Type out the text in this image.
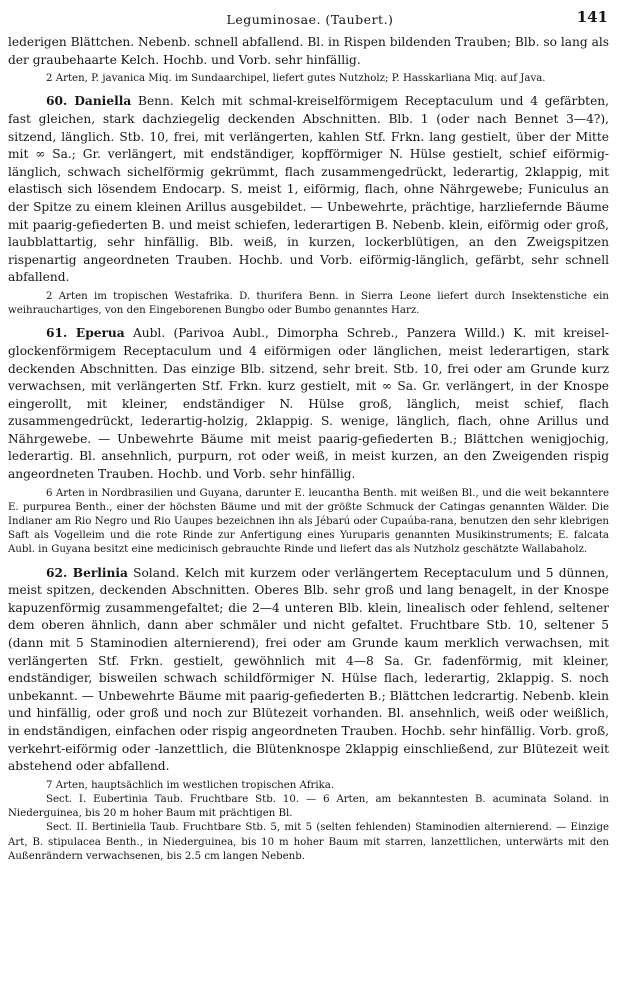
Leguminosae. (Taubert.)	141

lederigen Blättchen. Nebenb. schnell abfallend. Bl. in Rispen bildenden Trauben; Blb. so lang als der graubehaarte Kelch. Hochb. und Vorb. sehr hinfällig.

2 Arten, P. javanica Miq. im Sundaarchipel, liefert gutes Nutzholz; P. Hasskarliana Miq. auf Java.

60. Daniella Benn. Kelch mit schmal-kreiselförmigem Receptaculum und 4 gefärbten, fast gleichen, stark dachziegelig deckenden Abschnitten. Blb. 1 (oder nach Bennet 3—4?), sitzend, länglich. Stb. 10, frei, mit verlängerten, kahlen Stf. Frkn. lang gestielt, über der Mitte mit ∞ Sa.; Gr. verlängert, mit endständiger, kopfförmiger N. Hülse gestielt, schief eiförmig-länglich, schwach sichelförmig gekrümmt, flach zusammengedrückt, lederartig, 2klappig, mit elastisch sich lösendem Endocarp. S. meist 1, eiförmig, flach, ohne Nährgewebe; Funiculus an der Spitze zu einem kleinen Arillus ausgebildet. — Unbewehrte, prächtige, harzliefernde Bäume mit paarig-gefiederten B. und meist schiefen, lederartigen B. Nebenb. klein, eiförmig oder groß, laubblattartig, sehr hinfällig. Blb. weiß, in kurzen, lockerblütigen, an den Zweigspitzen rispenartig angeordneten Trauben. Hochb. und Vorb. eiförmig-länglich, gefärbt, sehr schnell abfallend.

2 Arten im tropischen Westafrika. D. thurifera Benn. in Sierra Leone liefert durch Insektenstiche ein weihrauchartiges, von den Eingeborenen Bungbo oder Bumbo genanntes Harz.

61. Eperua Aubl. (Parivoa Aubl., Dimorpha Schreb., Panzera Willd.) K. mit kreisel-glockenförmigem Receptaculum und 4 eiförmigen oder länglichen, meist lederartigen, stark deckenden Abschnitten. Das einzige Blb. sitzend, sehr breit. Stb. 10, frei oder am Grunde kurz verwachsen, mit verlängerten Stf. Frkn. kurz gestielt, mit ∞ Sa. Gr. verlängert, in der Knospe eingerollt, mit kleiner, endständiger N. Hülse groß, länglich, meist schief, flach zusammengedrückt, lederartig-holzig, 2klappig. S. wenige, länglich, flach, ohne Arillus und Nährgewebe. — Unbewehrte Bäume mit meist paarig-gefiederten B.; Blättchen wenigjochig, lederartig. Bl. ansehnlich, purpurn, rot oder weiß, in meist kurzen, an den Zweigenden rispig angeordneten Trauben. Hochb. und Vorb. sehr hinfällig.

6 Arten in Nordbrasilien und Guyana, darunter E. leucantha Benth. mit weißen Bl., und die weit bekanntere E. purpurea Benth., einer der höchsten Bäume und mit der größte Schmuck der Catingas genannten Wälder. Die Indianer am Rio Negro und Rio Uaupes bezeichnen ihn als Jébarú oder Cupaúba-rana, benutzen den sehr klebrigen Saft als Vogelleim und die rote Rinde zur Anfertigung eines Yuruparis genannten Musikinstruments; E. falcata Aubl. in Guyana besitzt eine medicinisch gebrauchte Rinde und liefert das als Nutzholz geschätzte Wallabaholz.

62. Berlinia Soland. Kelch mit kurzem oder verlängertem Receptaculum und 5 dünnen, meist spitzen, deckenden Abschnitten. Oberes Blb. sehr groß und lang benagelt, in der Knospe kapuzenförmig zusammengefaltet; die 2—4 unteren Blb. klein, linealisch oder fehlend, seltener dem oberen ähnlich, dann aber schmäler und nicht gefaltet. Fruchtbare Stb. 10, seltener 5 (dann mit 5 Staminodien alternierend), frei oder am Grunde kaum merklich verwachsen, mit verlängerten Stf. Frkn. gestielt, gewöhnlich mit 4—8 Sa. Gr. fadenförmig, mit kleiner, endständiger, bisweilen schwach schildförmiger N. Hülse flach, lederartig, 2klappig. S. noch unbekannt. — Unbewehrte Bäume mit paarig-gefiederten B.; Blättchen ledcrartig. Nebenb. klein und hinfällig, oder groß und noch zur Blütezeit vorhanden. Bl. ansehnlich, weiß oder weißlich, in endständigen, einfachen oder rispig angeordneten Trauben. Hochb. sehr hinfällig. Vorb. groß, verkehrt-eiförmig oder -lanzettlich, die Blütenknospe 2klappig einschließend, zur Blütezeit weit abstehend oder abfallend.

7 Arten, hauptsächlich im westlichen tropischen Afrika.

Sect. I. Eubertinia Taub. Fruchtbare Stb. 10. — 6 Arten, am bekanntesten B. acuminata Soland. in Niederguinea, bis 20 m hoher Baum mit prächtigen Bl.

Sect. II. Bertiniella Taub. Fruchtbare Stb. 5, mit 5 (selten fehlenden) Staminodien alternierend. — Einzige Art, B. stipulacea Benth., in Niederguinea, bis 10 m hoher Baum mit starren, lanzettlichen, unterwärts mit den Außenrändern verwachsenen, bis 2.5 cm langen Nebenb.
